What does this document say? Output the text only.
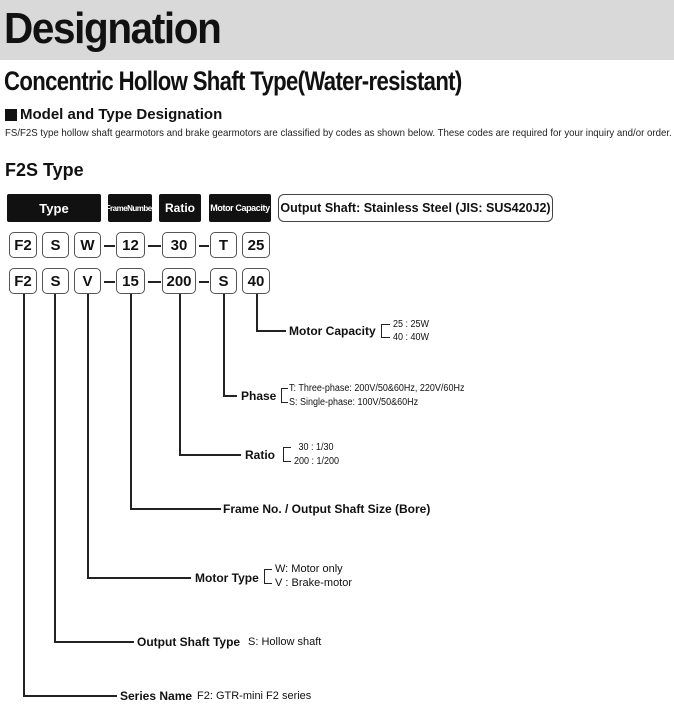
Designation
Concentric Hollow Shaft Type(Water-resistant)
Model and Type Designation
FS/F2S type hollow shaft gearmotors and brake gearmotors are classified by codes as shown below. These codes are required for your inquiry and/or order.
F2S Type
Type	FrameNumber Ratio	Motor Capacity Output Shaft: Stainless Steel (JIS: SUS420J2)
F2	S	W	12	30	T	25
F2	S	V	15	200	S	40
Motor Capacity 25 : 25W
40 : 40W
Phase
T: Three-phase: 200V/50&60Hz, 220V/60Hz
S: Single-phase: 100V/50&60Hz
Ratio
30 : 1/30
200 : 1/200
Frame No. / Output Shaft Size (Bore)
Motor Type
W: Motor only
V : Brake-motor
Output Shaft Type S: Hollow shaft
Series Name F2: GTR-mini F2 series
